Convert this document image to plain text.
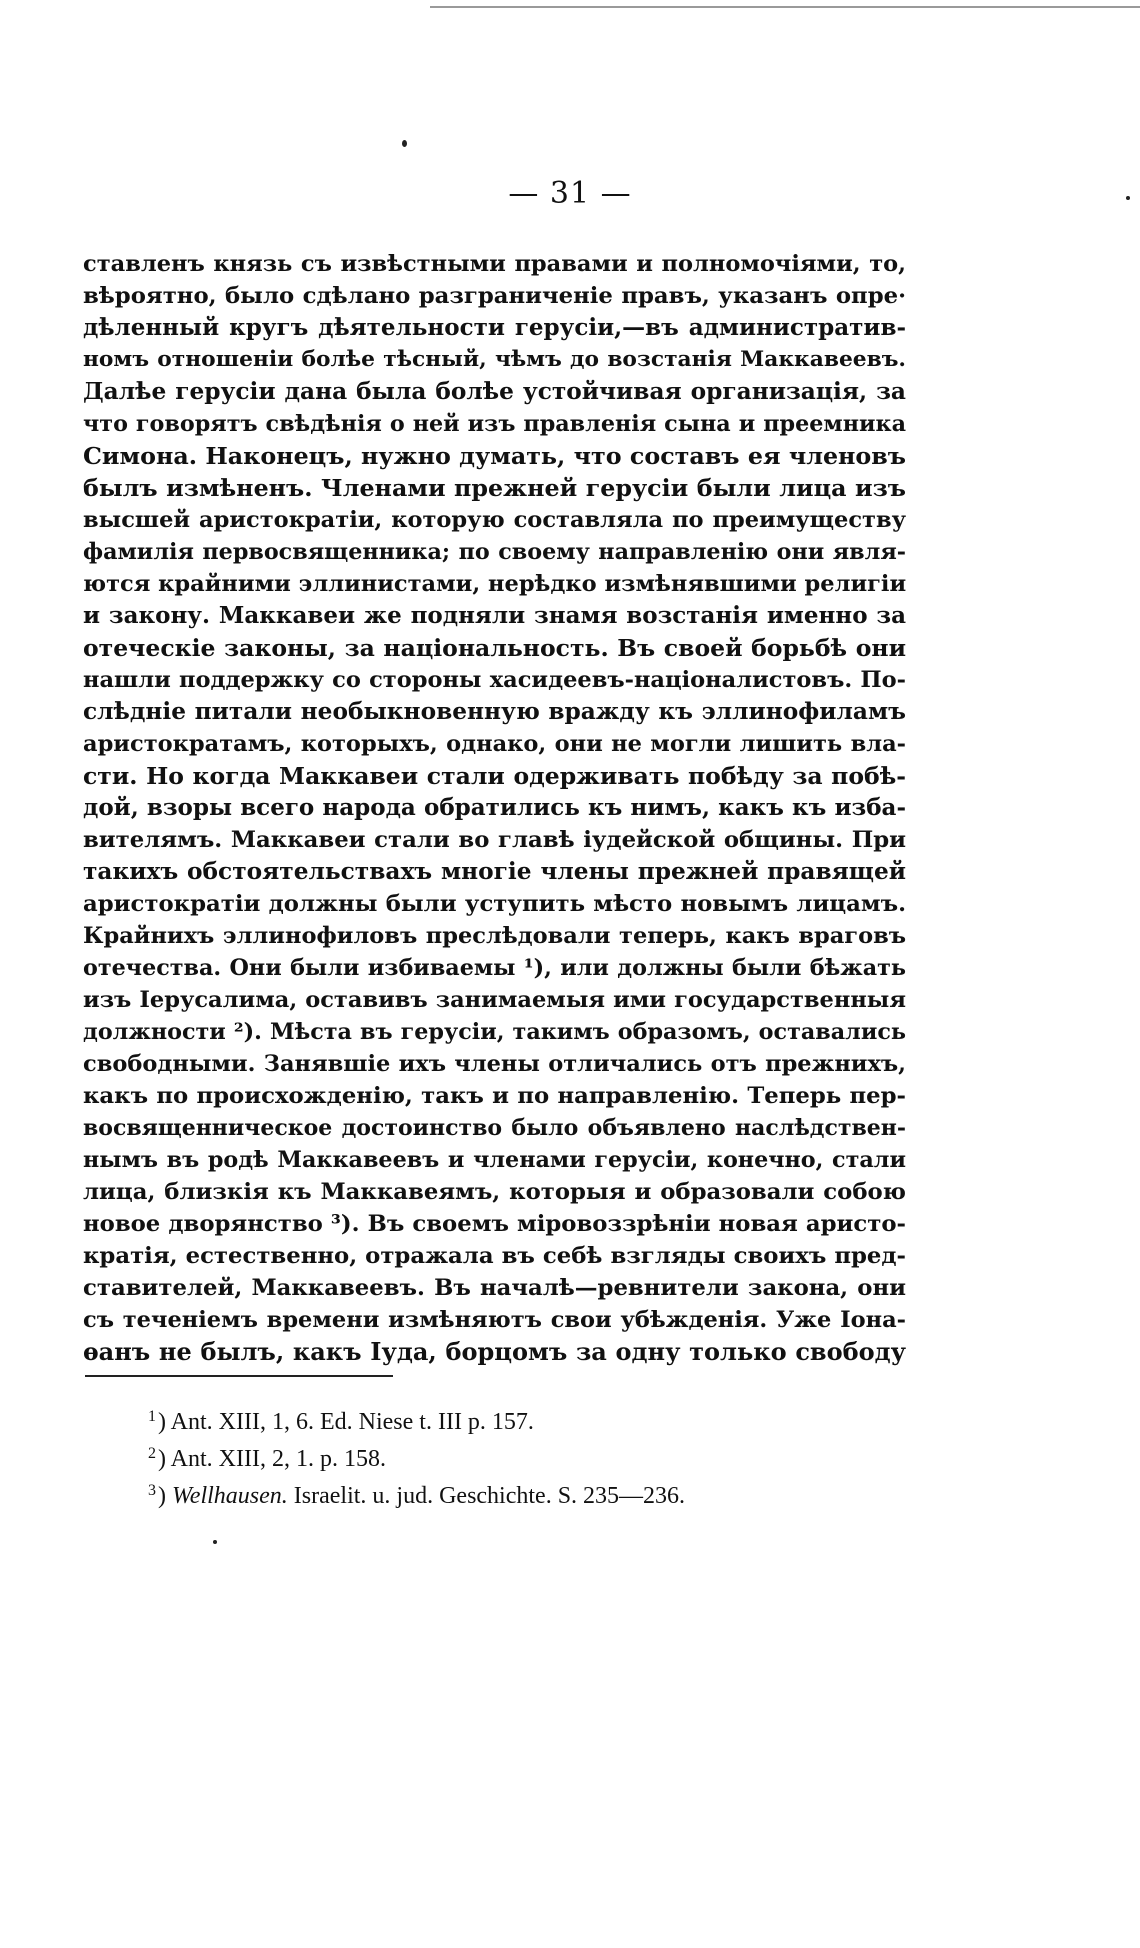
— 31 —
ставленъ князь съ извѣстными правами и полномочіями, то,
вѣроятно, было сдѣлано разграниченіе правъ, указанъ опре·
дѣленный кругъ дѣятельности герусіи,—въ административ-
номъ отношеніи болѣе тѣсный, чѣмъ до возстанія Маккавеевъ.
Далѣе герусіи дана была болѣе устойчивая организація, за
что говорятъ свѣдѣнія о ней изъ правленія сына и преемника
Симона. Наконецъ, нужно думать, что составъ ея членовъ
былъ измѣненъ. Членами прежней герусіи были лица изъ
высшей аристократіи, которую составляла по преимуществу
фамилія первосвященника; по своему направленію они явля-
ются крайними эллинистами, нерѣдко измѣнявшими религіи
и закону. Маккавеи же подняли знамя возстанія именно за
отеческіе законы, за національность. Въ своей борьбѣ они
нашли поддержку со стороны хасидеевъ-націоналистовъ. По-
слѣдніе питали необыкновенную вражду къ эллинофиламъ
аристократамъ, которыхъ, однако, они не могли лишить вла-
сти. Но когда Маккавеи стали одерживать побѣду за побѣ-
дой, взоры всего народа обратились къ нимъ, какъ къ избa-
вителямъ. Маккавеи стали во главѣ іудейской общины. При
такихъ обстоятельствахъ многіе члены прежней правящей
аристократіи должны были уступить мѣсто новымъ лицамъ.
Крайнихъ эллинофиловъ преслѣдовали теперь, какъ враговъ
отечества. Они были избиваемы ¹), или должны были бѣжать
изъ Іерусалима, оставивъ занимаемыя ими государственныя
должности ²). Мѣста въ герусіи, такимъ образомъ, оставались
свободными. Занявшіе ихъ члены отличались отъ прежнихъ,
какъ по происхожденію, такъ и по направленію. Теперь пер-
восвященническое достоинство было объявлено наслѣдствен-
нымъ въ родѣ Маккавеевъ и членами герусіи, конечно, стали
лица, близкія къ Маккавеямъ, которыя и образовали собою
новое дворянство ³). Въ своемъ міровоззрѣніи новая аристо-
кратія, естественно, отражала въ себѣ взгляды своихъ пред-
ставителей, Маккавеевъ. Въ началѣ—ревнители закона, они
съ теченіемъ времени измѣняютъ свои убѣжденія. Уже Іона-
ѳанъ не былъ, какъ Іуда, борцомъ за одну только свободу
$^1$) Ant. XIII, 1, 6. Ed. Niese t. III p. 157.
$^2$) Ant. XIII, 2, 1. p. 158.
$^3$) Wellhausen. Israelit. u. jud. Geschichte. S. 235—236.
